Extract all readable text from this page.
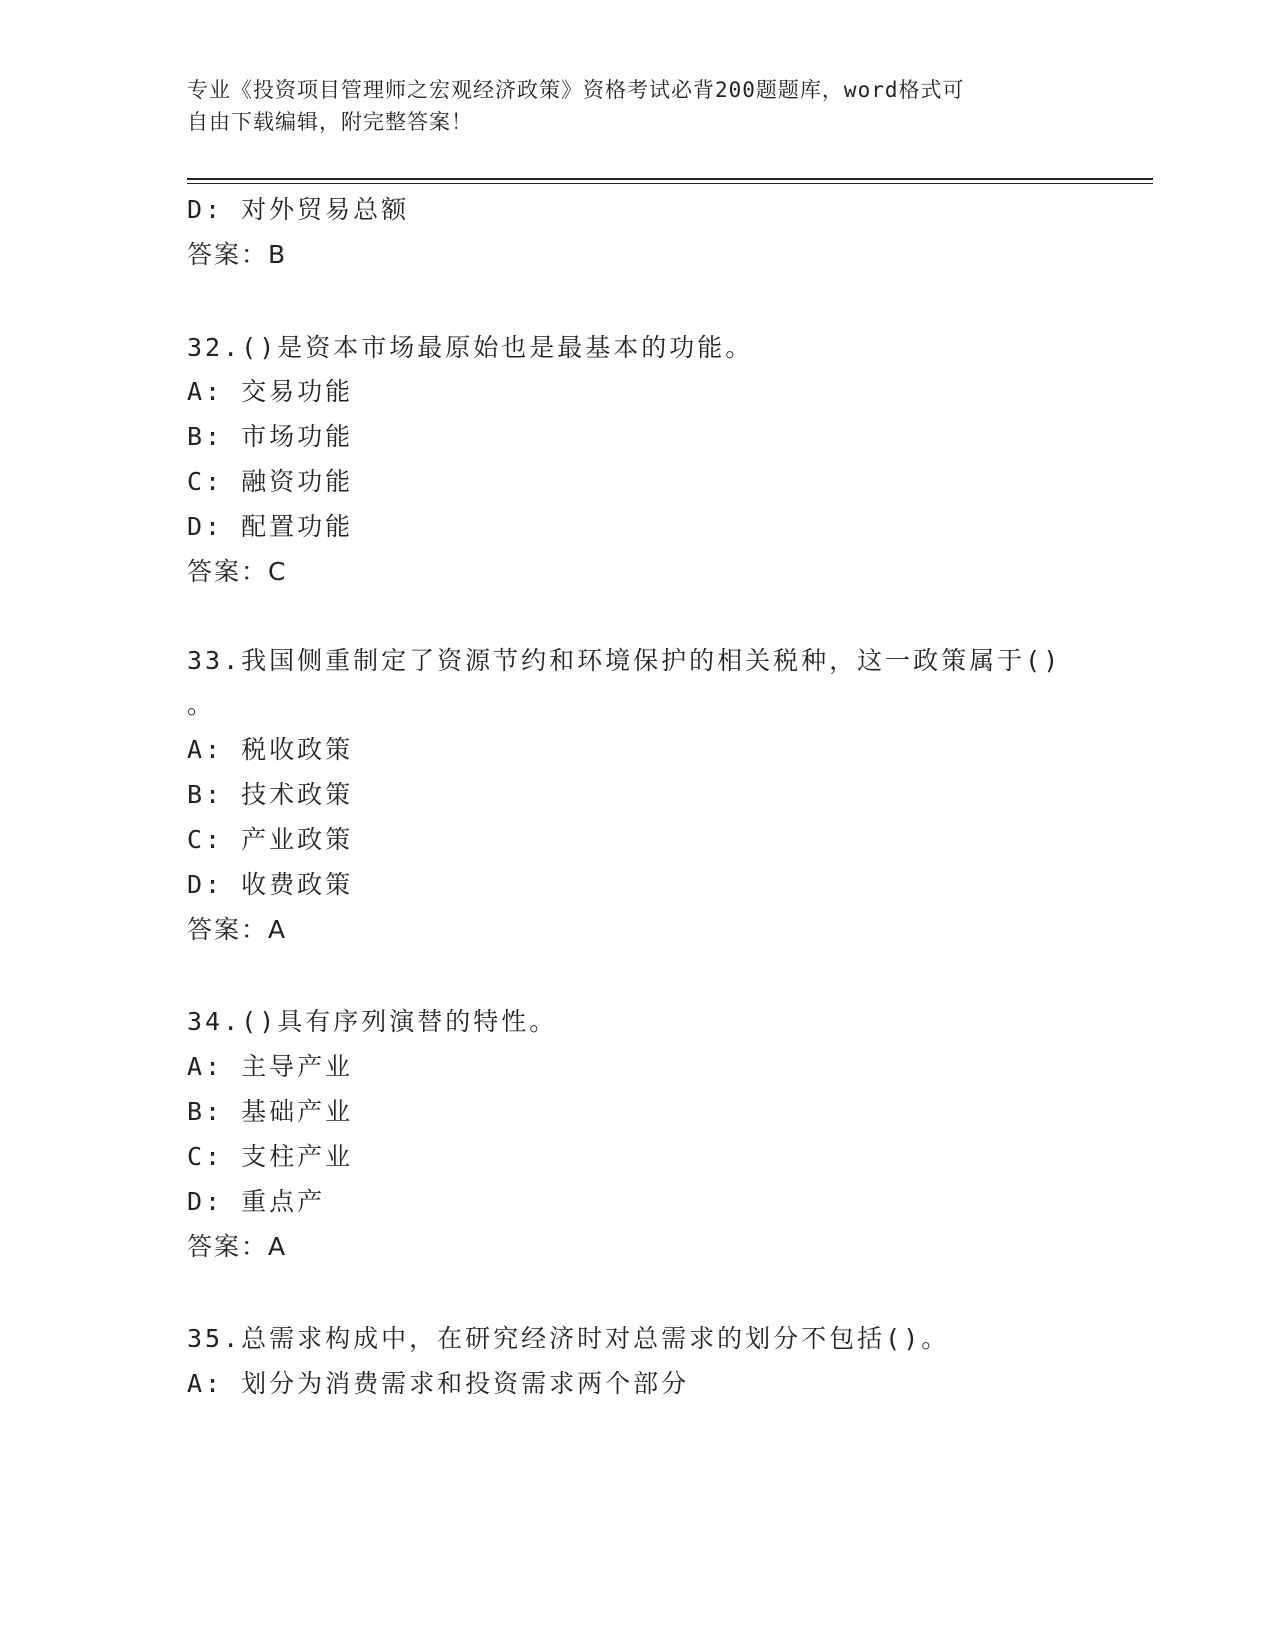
专业《投资项目管理师之宏观经济政策》资格考试必背200题题库，word格式可
自由下载编辑，附完整答案！
D: 对外贸易总额
答案：B
32.()是资本市场最原始也是最基本的功能。
A: 交易功能
B: 市场功能
C: 融资功能
D: 配置功能
答案：C
33.我国侧重制定了资源节约和环境保护的相关税种，这一政策属于()
。
A: 税收政策
B: 技术政策
C: 产业政策
D: 收费政策
答案：A
34.()具有序列演替的特性。
A: 主导产业
B: 基础产业
C: 支柱产业
D: 重点产
答案：A
35.总需求构成中，在研究经济时对总需求的划分不包括()。
A: 划分为消费需求和投资需求两个部分
